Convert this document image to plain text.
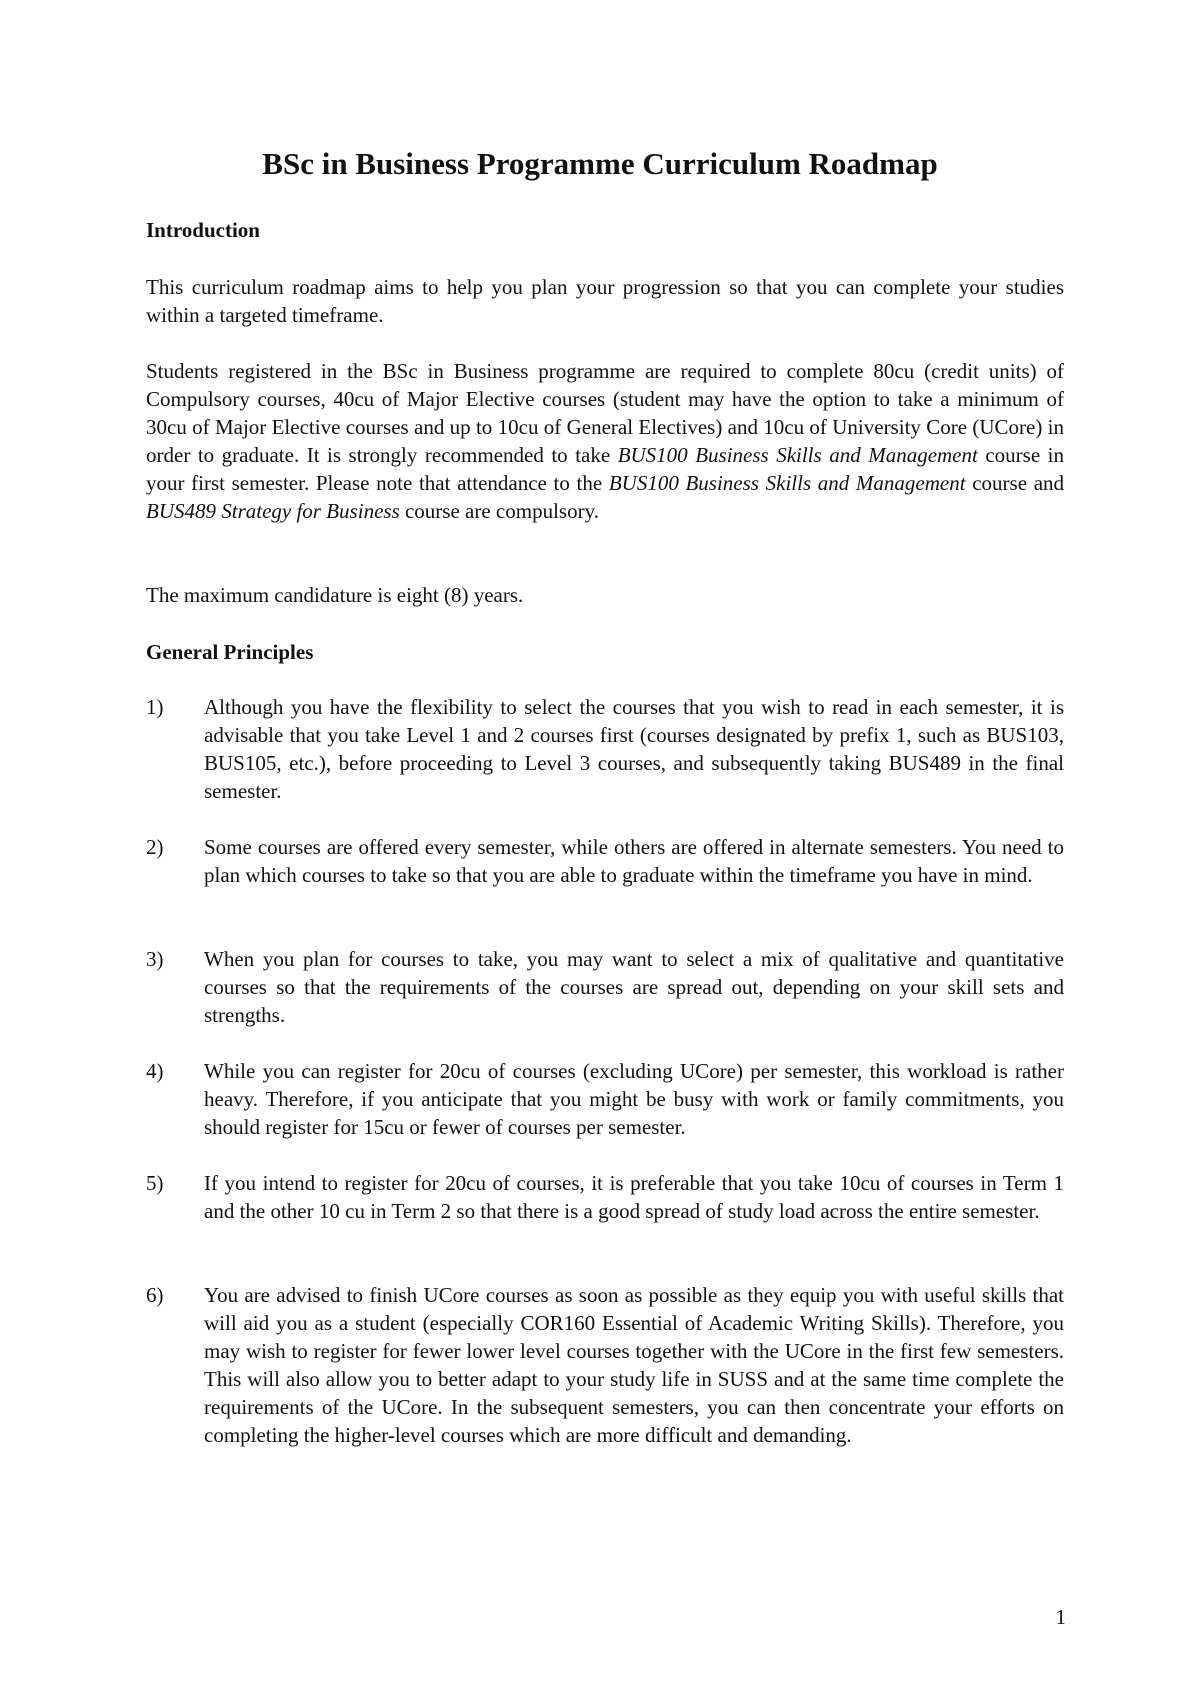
BSc in Business Programme Curriculum Roadmap
Introduction

This curriculum roadmap aims to help you plan your progression so that you can complete your studies within a targeted timeframe.

Students registered in the BSc in Business programme are required to complete 80cu (credit units) of Compulsory courses, 40cu of Major Elective courses (student may have the option to take a minimum of 30cu of Major Elective courses and up to 10cu of General Electives) and 10cu of University Core (UCore) in order to graduate. It is strongly recommended to take BUS100 Business Skills and Management course in your first semester. Please note that attendance to the BUS100 Business Skills and Management course and BUS489 Strategy for Business course are compulsory.

The maximum candidature is eight (8) years.

General Principles
1)	Although you have the flexibility to select the courses that you wish to read in each semester, it is advisable that you take Level 1 and 2 courses first (courses designated by prefix 1, such as BUS103, BUS105, etc.), before proceeding to Level 3 courses, and subsequently taking BUS489 in the final semester.
2)	Some courses are offered every semester, while others are offered in alternate semesters. You need to plan which courses to take so that you are able to graduate within the timeframe you have in mind.
3)	When you plan for courses to take, you may want to select a mix of qualitative and quantitative courses so that the requirements of the courses are spread out, depending on your skill sets and strengths.
4)	While you can register for 20cu of courses (excluding UCore) per semester, this workload is rather heavy. Therefore, if you anticipate that you might be busy with work or family commitments, you should register for 15cu or fewer of courses per semester.
5)	If you intend to register for 20cu of courses, it is preferable that you take 10cu of courses in Term 1 and the other 10 cu in Term 2 so that there is a good spread of study load across the entire semester.
6)	You are advised to finish UCore courses as soon as possible as they equip you with useful skills that will aid you as a student (especially COR160 Essential of Academic Writing Skills). Therefore, you may wish to register for fewer lower level courses together with the UCore in the first few semesters. This will also allow you to better adapt to your study life in SUSS and at the same time complete the requirements of the UCore. In the subsequent semesters, you can then concentrate your efforts on completing the higher-level courses which are more difficult and demanding.
1
